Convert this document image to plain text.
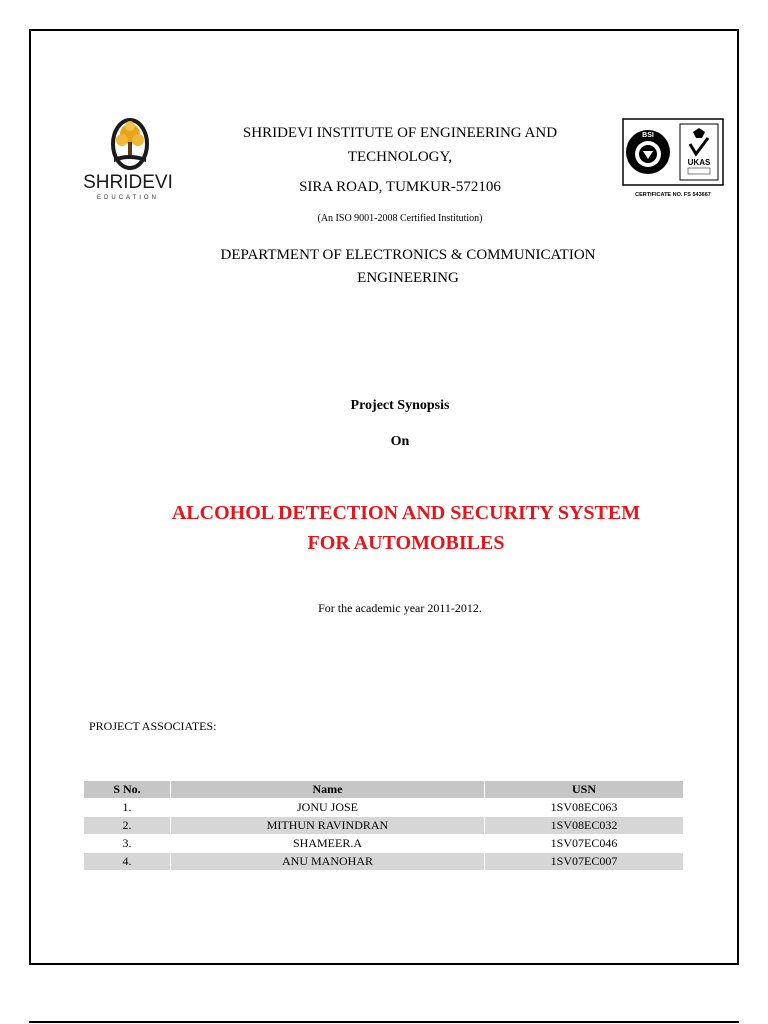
SHRIDEVI
EDUCATION
BSI
UKAS
CERTIFICATE NO. FS 543667
SHRIDEVI INSTITUTE OF ENGINEERING AND
TECHNOLOGY,
SIRA ROAD, TUMKUR-572106
(An ISO 9001-2008 Certified Institution)
DEPARTMENT OF ELECTRONICS & COMMUNICATION
ENGINEERING
Project Synopsis
On
ALCOHOL DETECTION AND SECURITY SYSTEM
FOR AUTOMOBILES
For the academic year 2011-2012.
PROJECT ASSOCIATES:
S No.	Name	USN
1.	JONU JOSE	1SV08EC063
2.	MITHUN RAVINDRAN	1SV08EC032
3.	SHAMEER.A	1SV07EC046
4.	ANU MANOHAR	1SV07EC007
